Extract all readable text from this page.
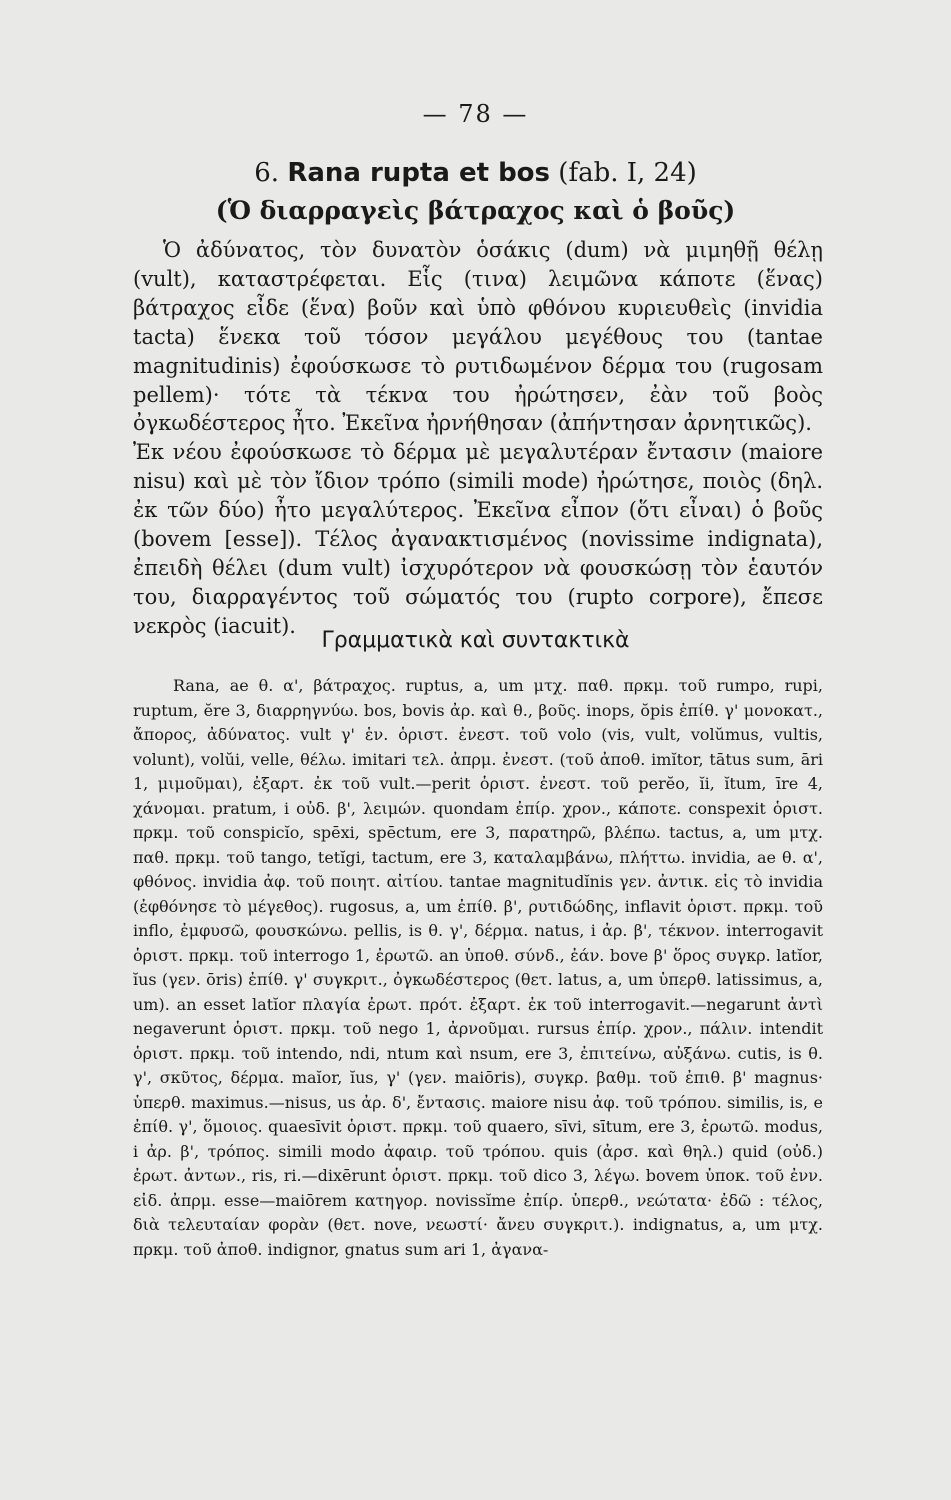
— 78 —
6. Rana rupta et bos (fab. I, 24)
(Ὁ διαρραγεὶς βάτραχος καὶ ὁ βοῦς)

Ὁ ἀδύνατος, τὸν δυνατὸν ὁσάκις (dum) νὰ μιμηθῇ θέλῃ (vult), καταστρέφεται. Εἷς (τινα) λειμῶνα κάποτε (ἕνας) βάτραχος εἶδε (ἕνα) βοῦν καὶ ὑπὸ φθόνου κυριευθεὶς (invidia tacta) ἕνεκα τοῦ τόσον μεγάλου μεγέθους του (tantae magnitudinis) ἐφούσκωσε τὸ ρυτιδωμένον δέρμα του (rugosam pellem)· τότε τὰ τέκνα του ἠρώτησεν, ἐὰν τοῦ βοὸς ὀγκωδέστερος ἦτο. Ἐκεῖνα ἠρνήθησαν (ἀπήντησαν ἀρνητικῶς).

Ἐκ νέου ἐφούσκωσε τὸ δέρμα μὲ μεγαλυτέραν ἔντασιν (maiore nisu) καὶ μὲ τὸν ἴδιον τρόπο (simili mode) ἠρώτησε, ποιὸς (δηλ. ἐκ τῶν δύο) ἦτο μεγαλύτερος. Ἐκεῖνα εἶπον (ὅτι εἶναι) ὁ βοῦς (bovem [esse]). Τέλος ἀγανακτισμένος (novissime indignata), ἐπειδὴ θέλει (dum vult) ἰσχυρότερον νὰ φουσκώσῃ τὸν ἑαυτόν του, διαρραγέντος τοῦ σώματός του (rupto corpore), ἔπεσε νεκρὸς (iacuit).

Γραμματικὰ καὶ συντακτικὰ

Rana, ae θ. α', βάτραχος. ruptus, a, um μτχ. παθ. πρκμ. τοῦ rumpo, rupi, ruptum, ĕre 3, διαρρηγνύω. bos, bovis ἀρ. καὶ θ., βοῦς. inops, ŏpis ἐπίθ. γ' μονοκατ., ἄπορος, ἀδύνατος. vult γ' ἑν. ὁριστ. ἐνεστ. τοῦ volo (vis, vult, volŭmus, vultis, volunt), volŭi, velle, θέλω. imitari τελ. ἀπρμ. ἐνεστ. (τοῦ ἀποθ. imĭtor, tātus sum, āri 1, μιμοῦμαι), ἐξαρτ. ἐκ τοῦ vult.—perit ὁριστ. ἐνεστ. τοῦ perĕo, ĭi, ĭtum, īre 4, χάνομαι. pratum, i οὐδ. β', λειμών. quondam ἐπίρ. χρον., κάποτε. conspexit ὁριστ. πρκμ. τοῦ conspicĭo, spēxi, spēctum, ere 3, παρατηρῶ, βλέπω. tactus, a, um μτχ. παθ. πρκμ. τοῦ tango, tetĭgi, tactum, ere 3, καταλαμβάνω, πλήττω. invidia, ae θ. α', φθόνος. invidia ἀφ. τοῦ ποιητ. αἰτίου. tantae magnitudĭnis γεν. ἀντικ. εἰς τὸ invidia (ἐφθόνησε τὸ μέγεθος). rugosus, a, um ἐπίθ. β', ρυτιδώδης, inflavit ὁριστ. πρκμ. τοῦ inflo, ἐμφυσῶ, φουσκώνω. pellis, is θ. γ', δέρμα. natus, i ἀρ. β', τέκνον. interrogavit ὁριστ. πρκμ. τοῦ interrogo 1, ἐρωτῶ. an ὑποθ. σύνδ., ἐάν. bove β' ὅρος συγκρ. latĭor, ĭus (γεν. ōris) ἐπίθ. γ' συγκριτ., ὀγκωδέστερος (θετ. latus, a, um ὑπερθ. latissimus, a, um). an esset latĭor πλαγία ἐρωτ. πρότ. ἐξαρτ. ἐκ τοῦ interrogavit.—negarunt ἀντὶ negaverunt ὁριστ. πρκμ. τοῦ nego 1, ἀρνοῦμαι. rursus ἐπίρ. χρον., πάλιν. intendit ὁριστ. πρκμ. τοῦ intendo, ndi, ntum καὶ nsum, ere 3, ἐπιτείνω, αὐξάνω. cutis, is θ. γ', σκῦτος, δέρμα. maĭor, ĭus, γ' (γεν. maiōris), συγκρ. βαθμ. τοῦ ἐπιθ. β' magnus· ὑπερθ. maximus.—nisus, us ἀρ. δ', ἔντασις. maiore nisu ἀφ. τοῦ τρόπου. similis, is, e ἐπίθ. γ', ὅμοιος. quaesīvit ὁριστ. πρκμ. τοῦ quaero, sīvi, sītum, ere 3, ἐρωτῶ. modus, i ἀρ. β', τρόπος. simili modo ἀφαιρ. τοῦ τρόπου. quis (ἀρσ. καὶ θηλ.) quid (οὐδ.) ἐρωτ. ἀντων., ris, ri.—dixērunt ὁριστ. πρκμ. τοῦ dico 3, λέγω. bovem ὑποκ. τοῦ ἐνν. εἰδ. ἀπρμ. esse—maiōrem κατηγορ. novissĭme ἐπίρ. ὑπερθ., νεώτατα· ἐδῶ : τέλος, διὰ τελευταίαν φορὰν (θετ. nove, νεωστί· ἄνευ συγκριτ.). indignatus, a, um μτχ. πρκμ. τοῦ ἀποθ. indignor, gnatus sum ari 1, ἀγανα-
